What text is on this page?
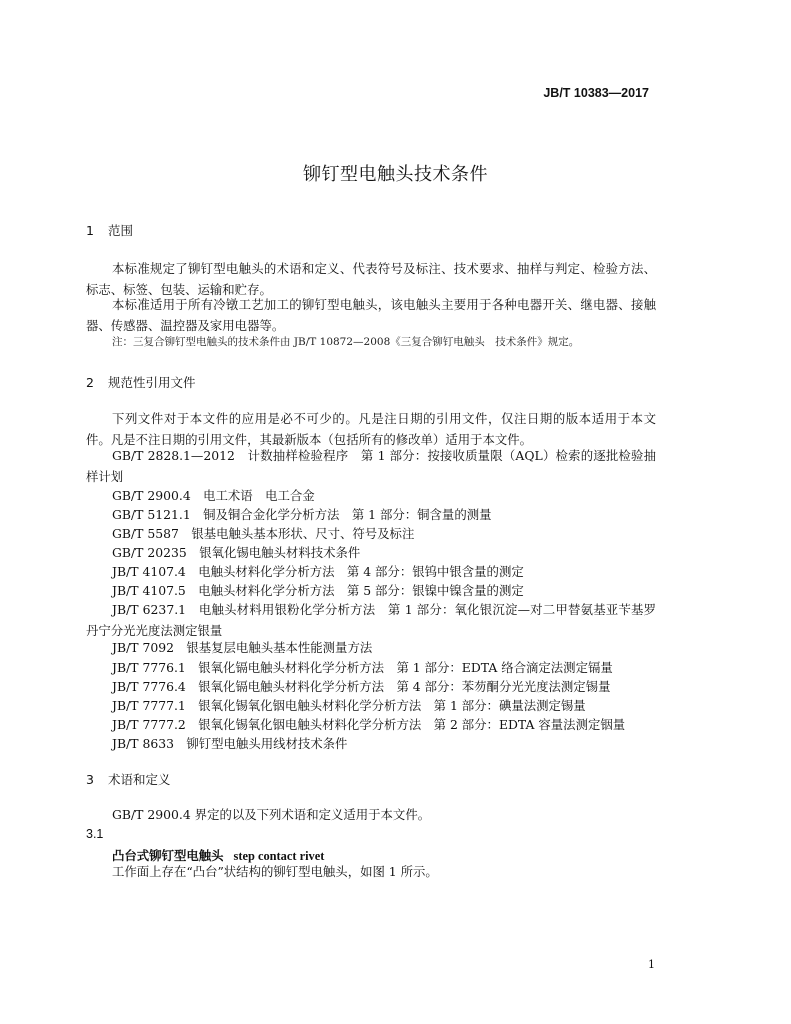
JB/T 10383—2017
铆钉型电触头技术条件
1 范围
本标准规定了铆钉型电触头的术语和定义、代表符号及标注、技术要求、抽样与判定、检验方法、标志、标签、包装、运输和贮存。
本标准适用于所有冷镦工艺加工的铆钉型电触头，该电触头主要用于各种电器开关、继电器、接触器、传感器、温控器及家用电器等。
注：三复合铆钉型电触头的技术条件由 JB/T 10872—2008《三复合铆钉电触头　技术条件》规定。
2 规范性引用文件
下列文件对于本文件的应用是必不可少的。凡是注日期的引用文件，仅注日期的版本适用于本文件。凡是不注日期的引用文件，其最新版本（包括所有的修改单）适用于本文件。
GB/T 2828.1—2012　 计数抽样检验程序　第 1 部分：按接收质量限（AQL）检索的逐批检验抽样计划
GB/T 2900.4　 电工术语　电工合金
GB/T 5121.1　 铜及铜合金化学分析方法　第 1 部分：铜含量的测量
GB/T 5587　 银基电触头基本形状、尺寸、符号及标注
GB/T 20235　 银氧化锡电触头材料技术条件
JB/T 4107.4　 电触头材料化学分析方法　第 4 部分：银钨中银含量的测定
JB/T 4107.5　 电触头材料化学分析方法　第 5 部分：银镍中镍含量的测定
JB/T 6237.1　 电触头材料用银粉化学分析方法　第 1 部分：氧化银沉淀—对二甲替氨基亚苄基罗丹宁分光光度法测定银量
JB/T 7092　 银基复层电触头基本性能测量方法
JB/T 7776.1　 银氧化镉电触头材料化学分析方法　第 1 部分：EDTA 络合滴定法测定镉量
JB/T 7776.4　 银氧化镉电触头材料化学分析方法　第 4 部分：苯芴酮分光光度法测定锡量
JB/T 7777.1　 银氧化锡氧化铟电触头材料化学分析方法　第 1 部分：碘量法测定锡量
JB/T 7777.2　 银氧化锡氧化铟电触头材料化学分析方法　第 2 部分：EDTA 容量法测定铟量
JB/T 8633　 铆钉型电触头用线材技术条件
3 术语和定义
GB/T 2900.4 界定的以及下列术语和定义适用于本文件。
3.1
凸台式铆钉型电触头 step contact rivet
工作面上存在“凸台”状结构的铆钉型电触头，如图 1 所示。
1
